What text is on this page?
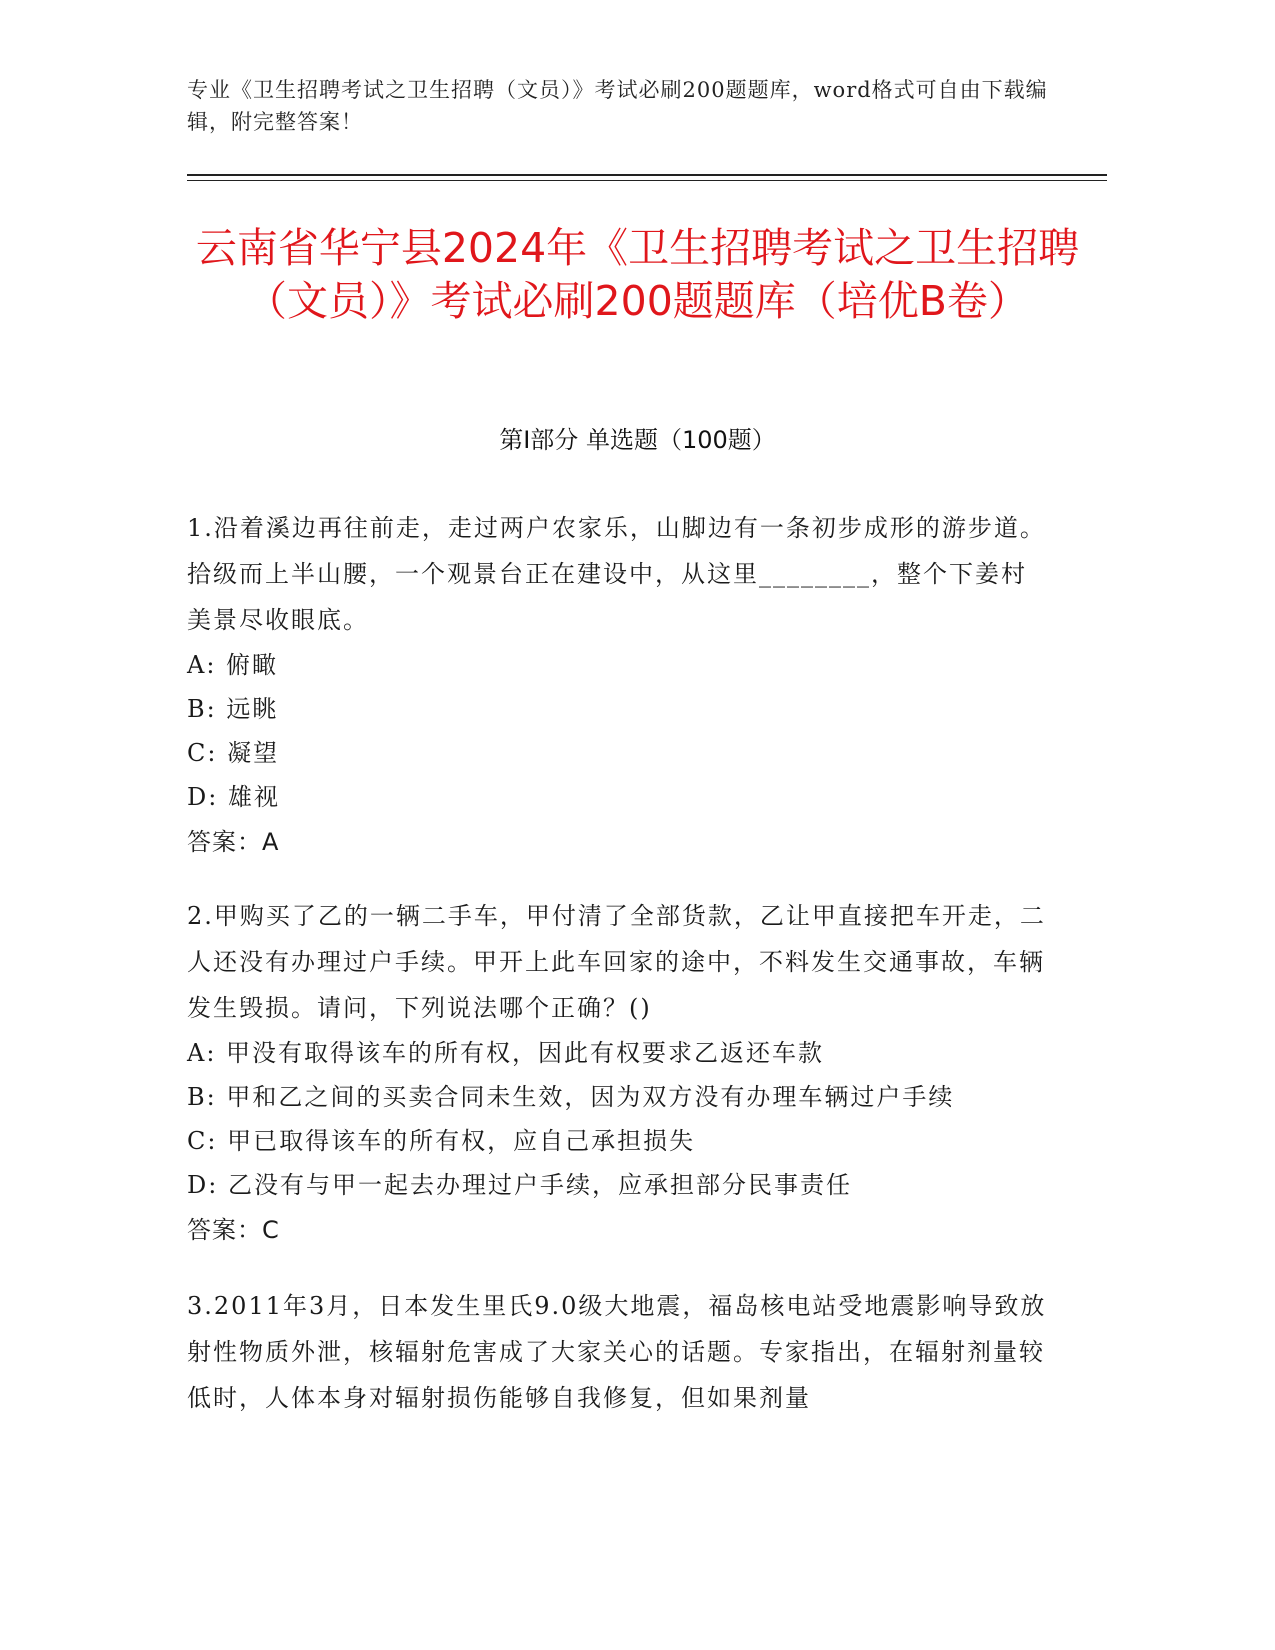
专业《卫生招聘考试之卫生招聘（文员）》考试必刷200题题库，word格式可自由下载编辑，附完整答案！
云南省华宁县2024年《卫生招聘考试之卫生招聘（文员）》考试必刷200题题库（培优B卷）
第Ⅰ部分 单选题（100题）

1.沿着溪边再往前走，走过两户农家乐，山脚边有一条初步成形的游步道。拾级而上半山腰，一个观景台正在建设中，从这里________，整个下姜村美景尽收眼底。

A: 俯瞰

B: 远眺

C: 凝望

D: 雄视

答案：A

2.甲购买了乙的一辆二手车，甲付清了全部货款，乙让甲直接把车开走，二人还没有办理过户手续。甲开上此车回家的途中，不料发生交通事故，车辆发生毁损。请问，下列说法哪个正确？()

A: 甲没有取得该车的所有权，因此有权要求乙返还车款

B: 甲和乙之间的买卖合同未生效，因为双方没有办理车辆过户手续

C: 甲已取得该车的所有权，应自己承担损失

D: 乙没有与甲一起去办理过户手续，应承担部分民事责任

答案：C

3.2011年3月，日本发生里氏9.0级大地震，福岛核电站受地震影响导致放射性物质外泄，核辐射危害成了大家关心的话题。专家指出，在辐射剂量较低时，人体本身对辐射损伤能够自我修复，但如果剂量
